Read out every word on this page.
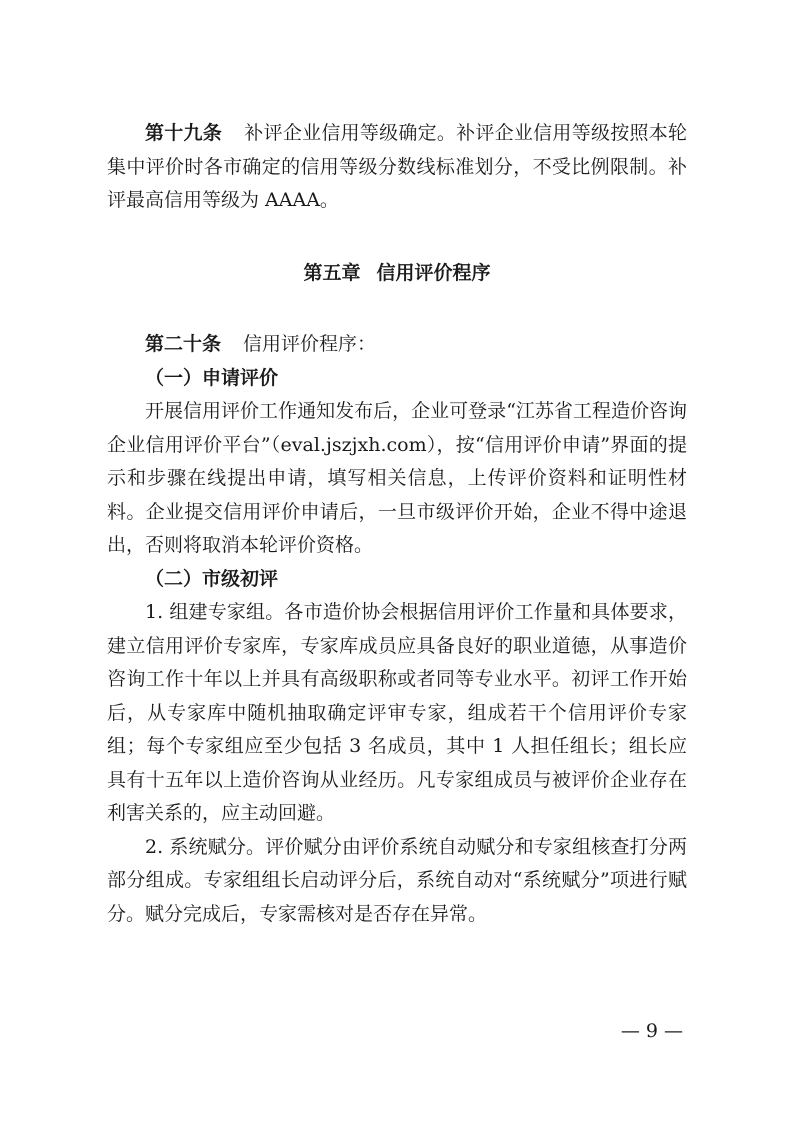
第十九条 补评企业信用等级确定。补评企业信用等级按照本轮集中评价时各市确定的信用等级分数线标准划分，不受比例限制。补评最高信用等级为 AAAA。

第五章 信用评价程序

第二十条 信用评价程序：

（一）申请评价

开展信用评价工作通知发布后，企业可登录“江苏省工程造价咨询企业信用评价平台”（eval.jszjxh.com），按“信用评价申请”界面的提示和步骤在线提出申请，填写相关信息，上传评价资料和证明性材料。企业提交信用评价申请后，一旦市级评价开始，企业不得中途退出，否则将取消本轮评价资格。

（二）市级初评

1. 组建专家组。各市造价协会根据信用评价工作量和具体要求，建立信用评价专家库，专家库成员应具备良好的职业道德，从事造价咨询工作十年以上并具有高级职称或者同等专业水平。初评工作开始后，从专家库中随机抽取确定评审专家，组成若干个信用评价专家组；每个专家组应至少包括 3 名成员，其中 1 人担任组长；组长应具有十五年以上造价咨询从业经历。凡专家组成员与被评价企业存在利害关系的，应主动回避。

2. 系统赋分。评价赋分由评价系统自动赋分和专家组核查打分两部分组成。专家组组长启动评分后，系统自动对“系统赋分”项进行赋分。赋分完成后，专家需核对是否存在异常。

— 9 —
